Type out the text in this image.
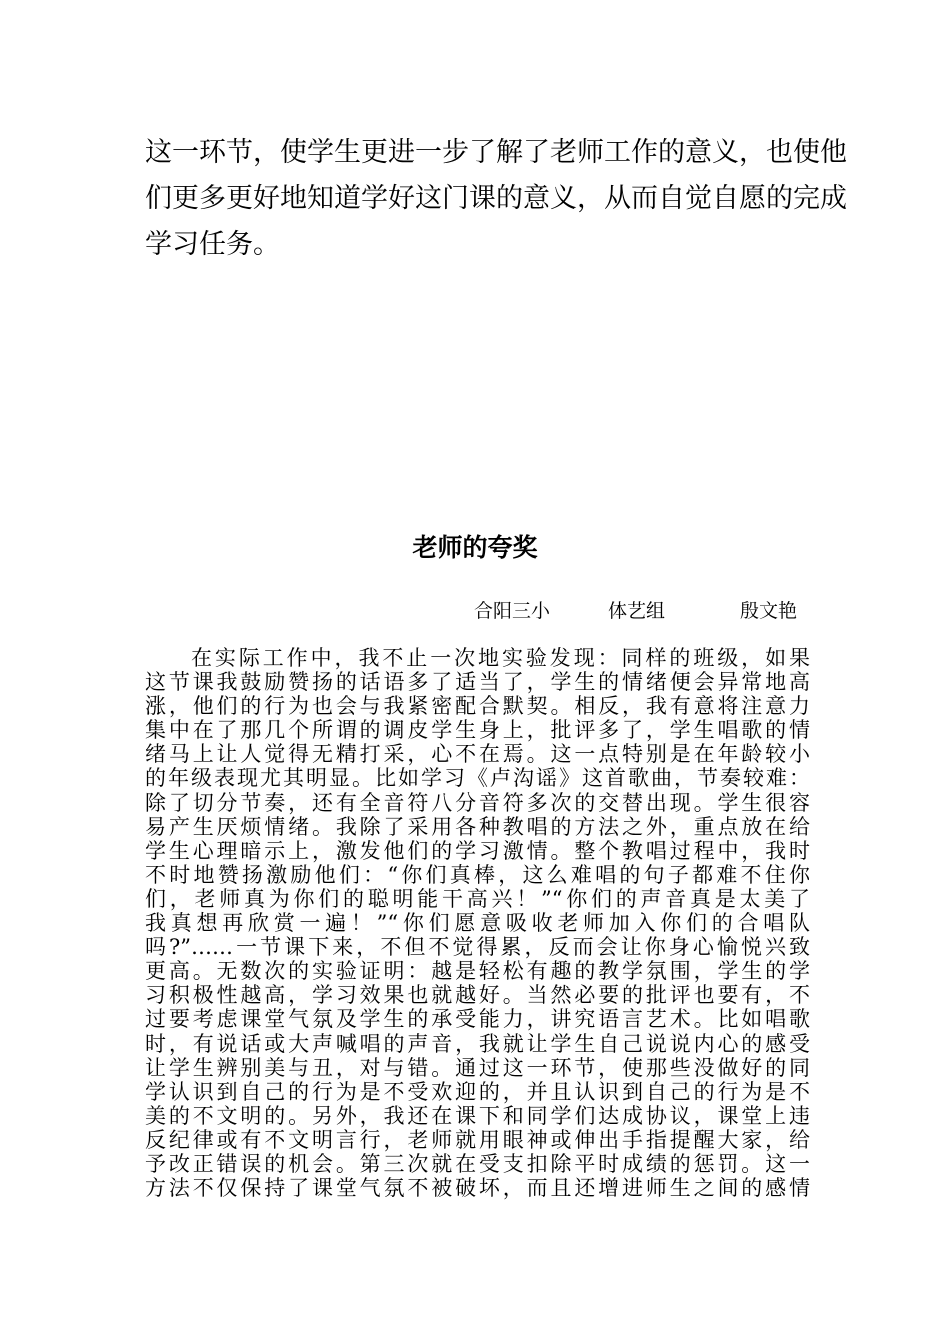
这一环节，使学生更进一步了解了老师工作的意义，也使他
们更多更好地知道学好这门课的意义，从而自觉自愿的完成
学习任务。
老师的夸奖
合阳三小	体艺组	殷文艳
在实际工作中，我不止一次地实验发现：同样的班级，如果
这节课我鼓励赞扬的话语多了适当了，学生的情绪便会异常地高
涨，他们的行为也会与我紧密配合默契。相反，我有意将注意力
集中在了那几个所谓的调皮学生身上，批评多了，学生唱歌的情
绪马上让人觉得无精打采，心不在焉。这一点特别是在年龄较小
的年级表现尤其明显。比如学习《卢沟谣》这首歌曲，节奏较难：
除了切分节奏，还有全音符八分音符多次的交替出现。学生很容
易产生厌烦情绪。我除了采用各种教唱的方法之外，重点放在给
学生心理暗示上，激发他们的学习激情。整个教唱过程中，我时
不时地赞扬激励他们：“你们真棒，这么难唱的句子都难不住你
们，老师真为你们的聪明能干高兴！”“你们的声音真是太美了
我真想再欣赏一遍！”“你们愿意吸收老师加入你们的合唱队
吗?”……一节课下来，不但不觉得累，反而会让你身心愉悦兴致
更高。无数次的实验证明：越是轻松有趣的教学氛围，学生的学
习积极性越高，学习效果也就越好。当然必要的批评也要有，不
过要考虑课堂气氛及学生的承受能力，讲究语言艺术。比如唱歌
时，有说话或大声喊唱的声音，我就让学生自己说说内心的感受
让学生辨别美与丑，对与错。通过这一环节，使那些没做好的同
学认识到自己的行为是不受欢迎的，并且认识到自己的行为是不
美的不文明的。另外，我还在课下和同学们达成协议，课堂上违
反纪律或有不文明言行，老师就用眼神或伸出手指提醒大家，给
予改正错误的机会。第三次就在受支扣除平时成绩的惩罚。这一
方法不仅保持了课堂气氛不被破坏，而且还增进师生之间的感情
